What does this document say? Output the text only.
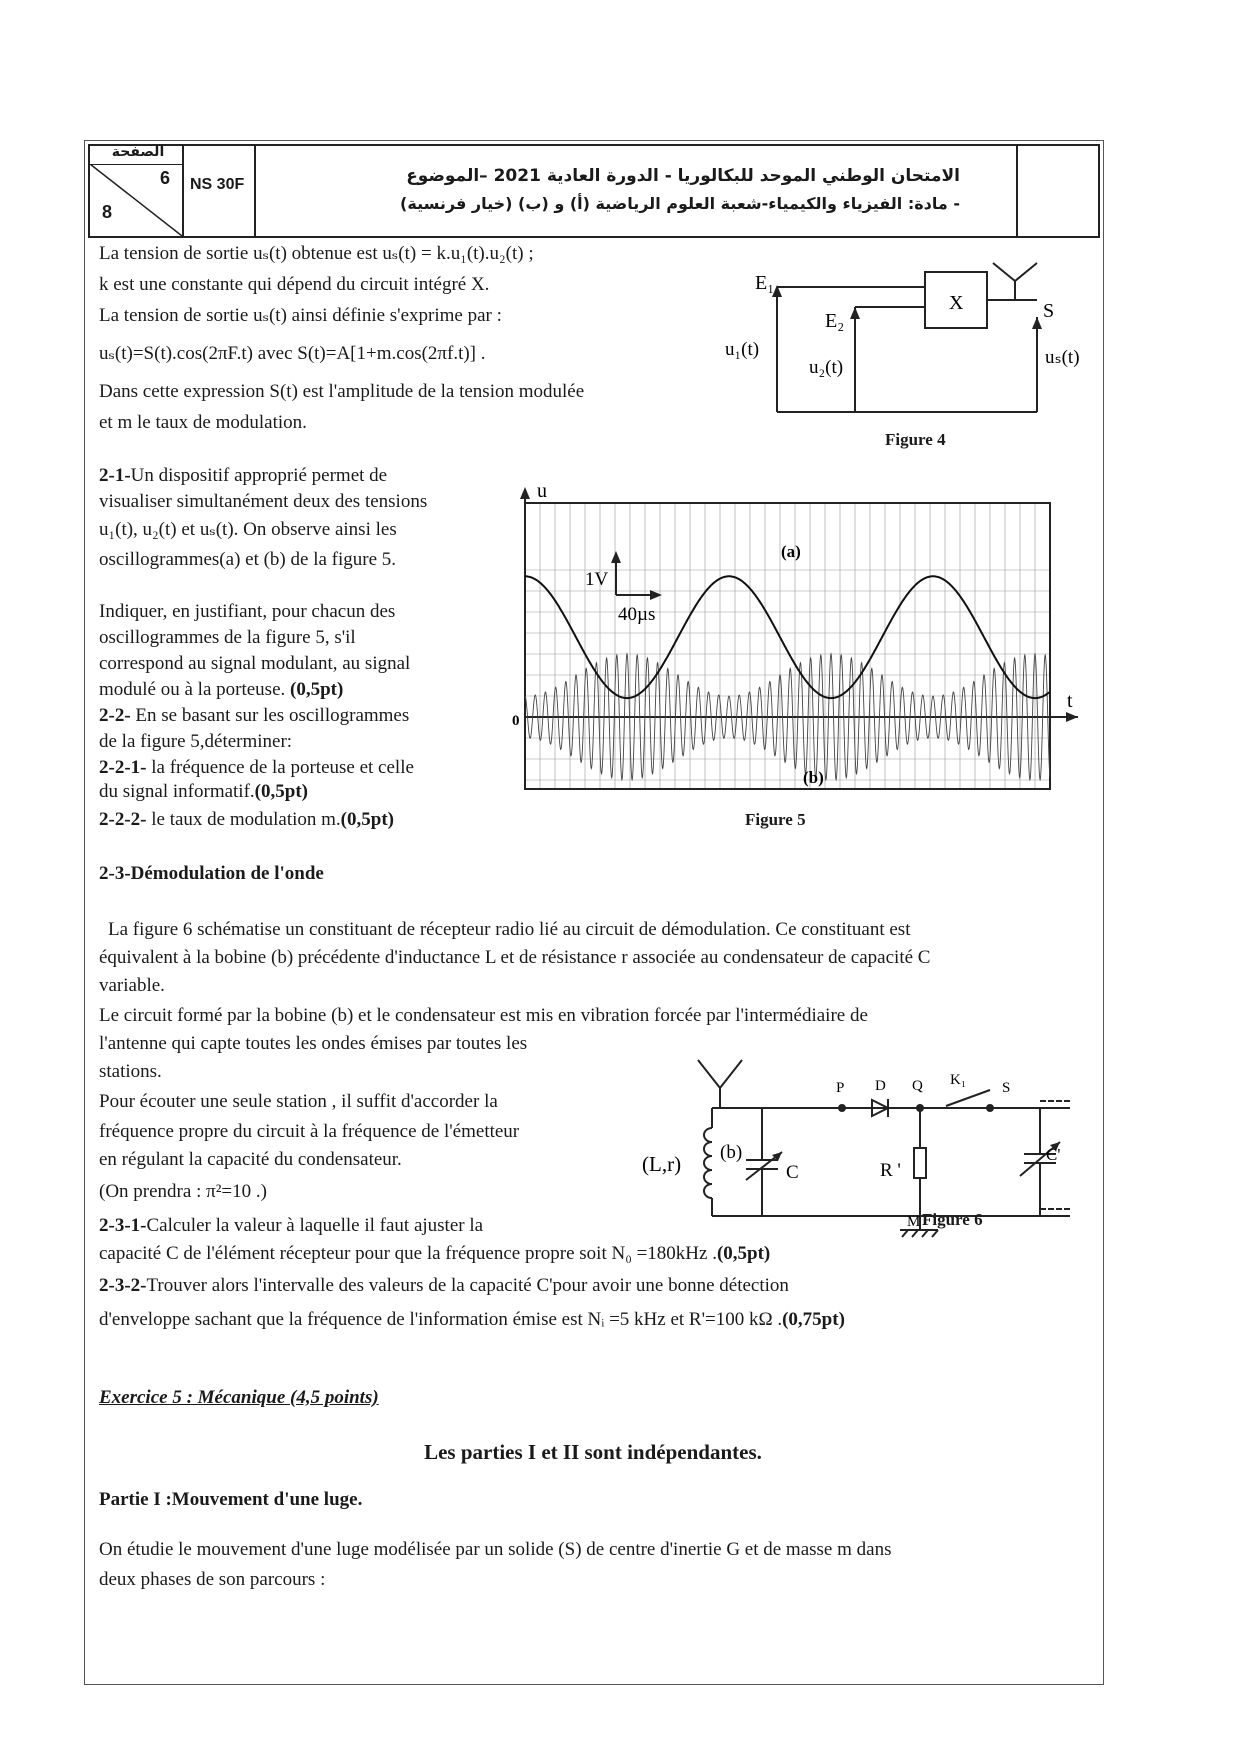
الصفحة
6
8
NS 30F	الامتحان الوطني الموحد للبكالوريا - الدورة العادية 2021 –الموضوع
- مادة: الفيزياء والكيمياء-شعبة العلوم الرياضية (أ) و (ب) (خيار فرنسية)
La tension de sortie uₛ(t) obtenue est uₛ(t) = k.u₁(t).u₂(t) ;
k est une constante qui dépend du circuit intégré X.
La tension de sortie uₛ(t) ainsi définie s'exprime par :
uₛ(t)=S(t).cos(2πF.t) avec S(t)=A[1+m.cos(2πf.t)] .
Dans cette expression S(t) est l'amplitude de la tension modulée
et m le taux de modulation.
X
E₁
E₂	S
u₁(t)
u₂(t)	uₛ(t)
Figure 4
2-1-Un dispositif approprié permet de
visualiser simultanément deux des tensions
u₁(t), u₂(t) et uₛ(t). On observe ainsi les
oscillogrammes(a) et (b) de la figure 5.
Indiquer, en justifiant, pour chacun des
oscillogrammes de la figure 5, s'il
correspond au signal modulant, au signal
modulé ou à la porteuse. (0,5pt)
2-2- En se basant sur les oscillogrammes
de la figure 5,déterminer:
2-2-1- la fréquence de la porteuse et celle
du signal informatif.(0,5pt)
2-2-2- le taux de modulation m.(0,5pt)
u
t
0
1V
40µs
(a)
(b)
Figure 5
2-3-Démodulation de l'onde
La figure 6 schématise un constituant de récepteur radio lié au circuit de démodulation. Ce constituant est
équivalent à la bobine (b) précédente d'inductance L et de résistance r associée au condensateur de capacité C
variable.
Le circuit formé par la bobine (b) et le condensateur est mis en vibration forcée par l'intermédiaire de
l'antenne qui capte toutes les ondes émises par toutes les
stations.
Pour écouter une seule station , il suffit d'accorder la
fréquence propre du circuit à la fréquence de l'émetteur
en régulant la capacité du condensateur.
(On prendra : π²=10 .)
2-3-1-Calculer la valeur à laquelle il faut ajuster la
capacité C de l'élément récepteur pour que la fréquence propre soit N₀ =180kHz .(0,5pt)
2-3-2-Trouver alors l'intervalle des valeurs de la capacité C'pour avoir une bonne détection
d'enveloppe sachant que la fréquence de l'information émise est Nᵢ =5 kHz et R'=100 kΩ .(0,75pt)
(L,r) (b)
C
C'
P D Q K₁ S
R '
M Figure 6
Exercice 5 : Mécanique (4,5 points)
Les parties I et II sont indépendantes.
Partie I :Mouvement d'une luge.
On étudie le mouvement d'une luge modélisée par un solide (S) de centre d'inertie G et de masse m dans
deux phases de son parcours :
